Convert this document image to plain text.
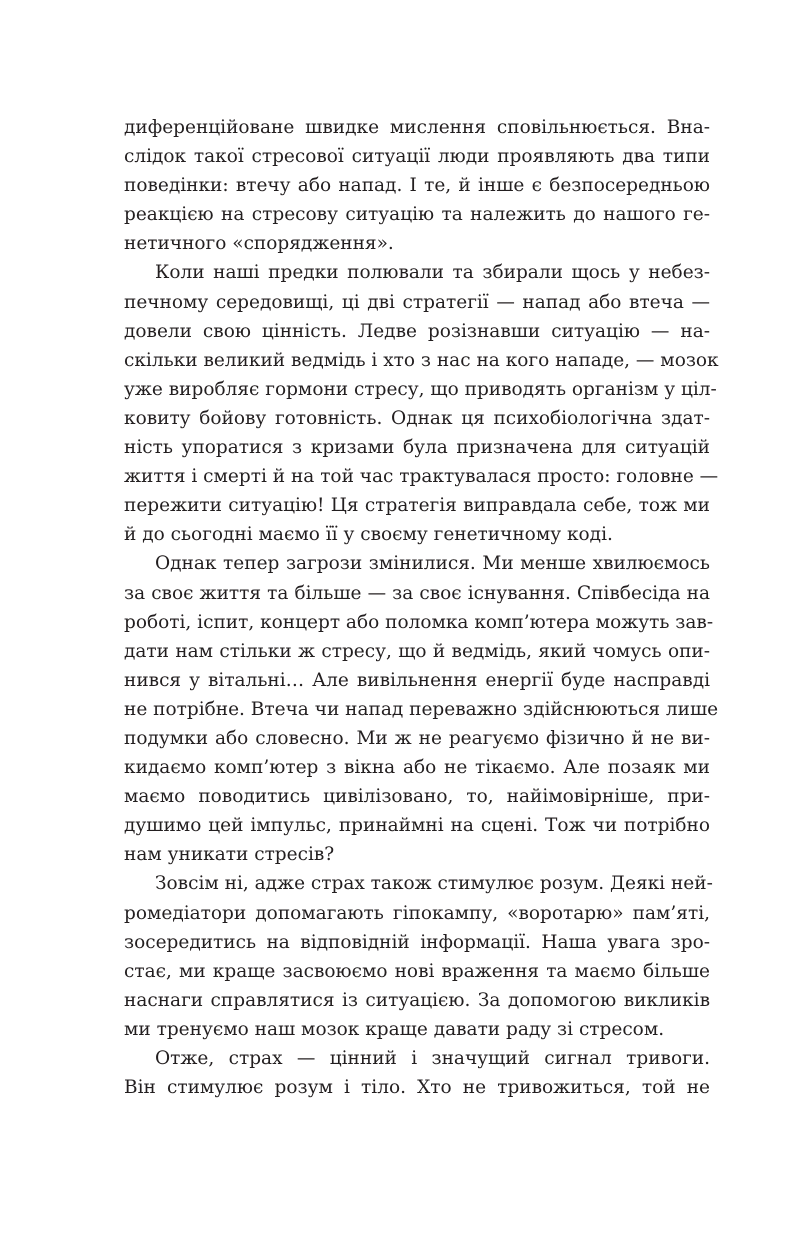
диференційоване швидке мислення сповільнюється. Вна-
слідок такої стресової ситуації люди проявляють два типи
поведінки: втечу або напад. І те, й інше є безпосередньою
реакцією на стресову ситуацію та належить до нашого ге-
нетичного «спорядження».
Коли наші предки полювали та збирали щось у небез-
печному середовищі, ці дві стратегії — напад або втеча —
довели свою цінність. Ледве розізнавши ситуацію — на-
скільки великий ведмідь і хто з нас на кого нападе, — мозок
уже виробляє гормони стресу, що приводять організм у ціл-
ковиту бойову готовність. Однак ця психобіологічна здат-
ність упоратися з кризами була призначена для ситуацій
життя і смерті й на той час трактувалася просто: головне —
пережити ситуацію! Ця стратегія виправдала себе, тож ми
й до сьогодні маємо її у своєму генетичному коді.
Однак тепер загрози змінилися. Ми менше хвилюємось
за своє життя та більше — за своє існування. Співбесіда на
роботі, іспит, концерт або поломка комп’ютера можуть зав-
дати нам стільки ж стресу, що й ведмідь, який чомусь опи-
нився у вітальні… Але вивільнення енергії буде насправді
не потрібне. Втеча чи напад переважно здійснюються лише
подумки або словесно. Ми ж не реагуємо фізично й не ви-
кидаємо комп’ютер з вікна або не тікаємо. Але позаяк ми
маємо поводитись цивілізовано, то, найімовірніше, при-
душимо цей імпульс, принаймні на сцені. Тож чи потрібно
нам уникати стресів?
Зовсім ні, адже страх також стимулює розум. Деякі ней-
ромедіатори допомагають гіпокампу, «воротарю» пам’яті,
зосередитись на відповідній інформації. Наша увага зро-
стає, ми краще засвоюємо нові враження та маємо більше
наснаги справлятися із ситуацією. За допомогою викликів
ми тренуємо наш мозок краще давати раду зі стресом.
Отже, страх — цінний і значущий сигнал тривоги.
Він стимулює розум і тіло. Хто не тривожиться, той не
